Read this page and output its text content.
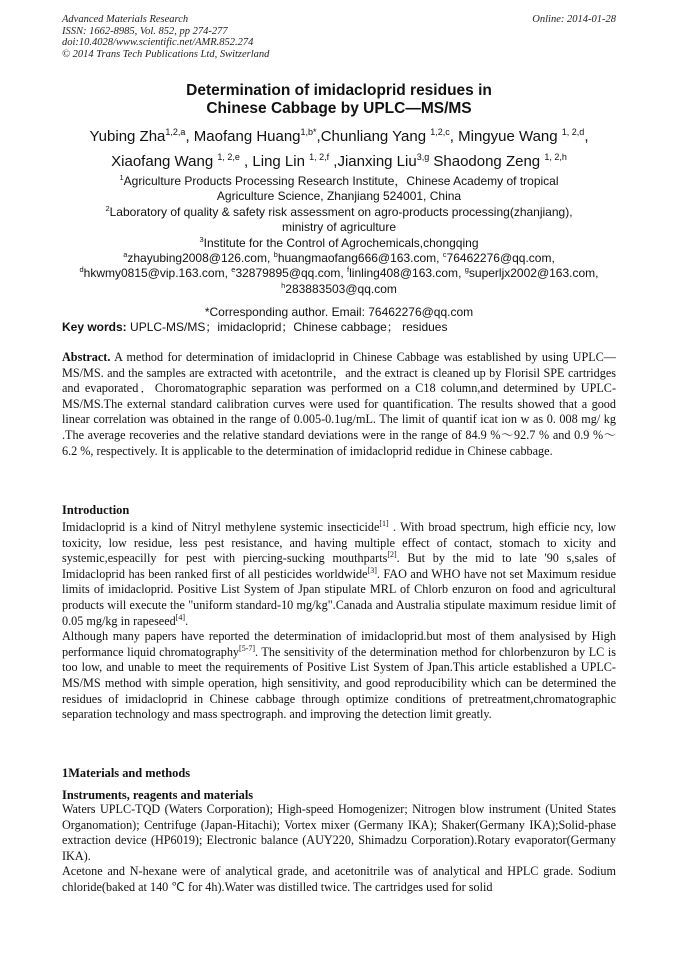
Advanced Materials Research
ISSN: 1662-8985, Vol. 852, pp 274-277
doi:10.4028/www.scientific.net/AMR.852.274
© 2014 Trans Tech Publications Ltd, Switzerland
Online: 2014-01-28
Determination of imidacloprid residues in
Chinese Cabbage by UPLC—MS/MS
Yubing Zha$^{1,2,a}$, Maofang Huang$^{1,b*}$,Chunliang Yang $^{1,2,c}$, Mingyue Wang $^{1, 2,d}$,
Xiaofang Wang $^{1, 2,e}$ , Ling Lin $^{1, 2,f}$ ,Jianxing Liu$^{3,g}$ Shaodong Zeng $^{1, 2,h}$
$^1$Agriculture Products Processing Research Institute，Chinese Academy of tropical
Agriculture Science, Zhanjiang 524001, China
$^2$Laboratory of quality & safety risk assessment on agro-products processing(zhanjiang),
ministry of agriculture
$^3$Institute for the Control of Agrochemicals,chongqing
$^a$zhayubing2008@126.com, $^b$huangmaofang666@163.com, $^c$76462276@qq.com,
$^d$hkwmy0815@vip.163.com, $^e$32879895@qq.com, $^f$linling408@163.com, $^g$superljx2002@163.com,
$^h$283883503@qq.com
*Corresponding author. Email: 76462276@qq.com
Key words: UPLC-MS/MS；imidacloprid；Chinese cabbage； residues
Abstract. A method for determination of imidacloprid in Chinese Cabbage was established by using UPLC—MS/MS. and the samples are extracted with acetontrile，and the extract is cleaned up by Florisil SPE cartridges and evaporated．Choromatographic separation was performed on a C18 column,and determined by UPLC-MS/MS.The external standard calibration curves were used for quantification. The results showed that a good linear correlation was obtained in the range of 0.005-0.1ug/mL. The limit of quantif icat ion w as 0. 008 mg/ kg .The average recoveries and the relative standard deviations were in the range of 84.9 %～92.7 % and 0.9 %～6.2 %, respectively. It is applicable to the determination of imidacloprid redidue in Chinese cabbage.
Introduction

Imidacloprid is a kind of Nitryl methylene systemic insecticide[1] . With broad spectrum, high efficie ncy, low toxicity, low residue, less pest resistance, and having multiple effect of contact, stomach to xicity and systemic,espeacilly for pest with piercing-sucking mouthparts[2]. But by the mid to late '90 s,sales of Imidacloprid has been ranked first of all pesticides worldwide[3]. FAO and WHO have not set Maximum residue limits of imidacloprid. Positive List System of Jpan stipulate MRL of Chlorb enzuron on food and agricultural products will execute the "uniform standard-10 mg/kg".Canada and Australia stipulate maximum residue limit of 0.05 mg/kg in rapeseed[4].

Although many papers have reported the determination of imidacloprid.but most of them analysised by High performance liquid chromatography[5-7]. The sensitivity of the determination method for chlorbenzuron by LC is too low, and unable to meet the requirements of Positive List System of Jpan.This article established a UPLC-MS/MS method with simple operation, high sensitivity, and good reproducibility which can be determined the residues of imidacloprid in Chinese cabbage through optimize conditions of pretreatment,chromatographic separation technology and mass spectrograph. and improving the detection limit greatly.

1Materials and methods
Instruments, reagents and materials

Waters UPLC-TQD (Waters Corporation); High-speed Homogenizer; Nitrogen blow instrument (United States Organomation); Centrifuge (Japan-Hitachi); Vortex mixer (Germany IKA); Shaker(Germany IKA);Solid-phase extraction device (HP6019); Electronic balance (AUY220, Shimadzu Corporation).Rotary evaporator(Germany IKA).

Acetone and N-hexane were of analytical grade, and acetonitrile was of analytical and HPLC grade. Sodium chloride(baked at 140 ℃ for 4h).Water was distilled twice. The cartridges used for solid
